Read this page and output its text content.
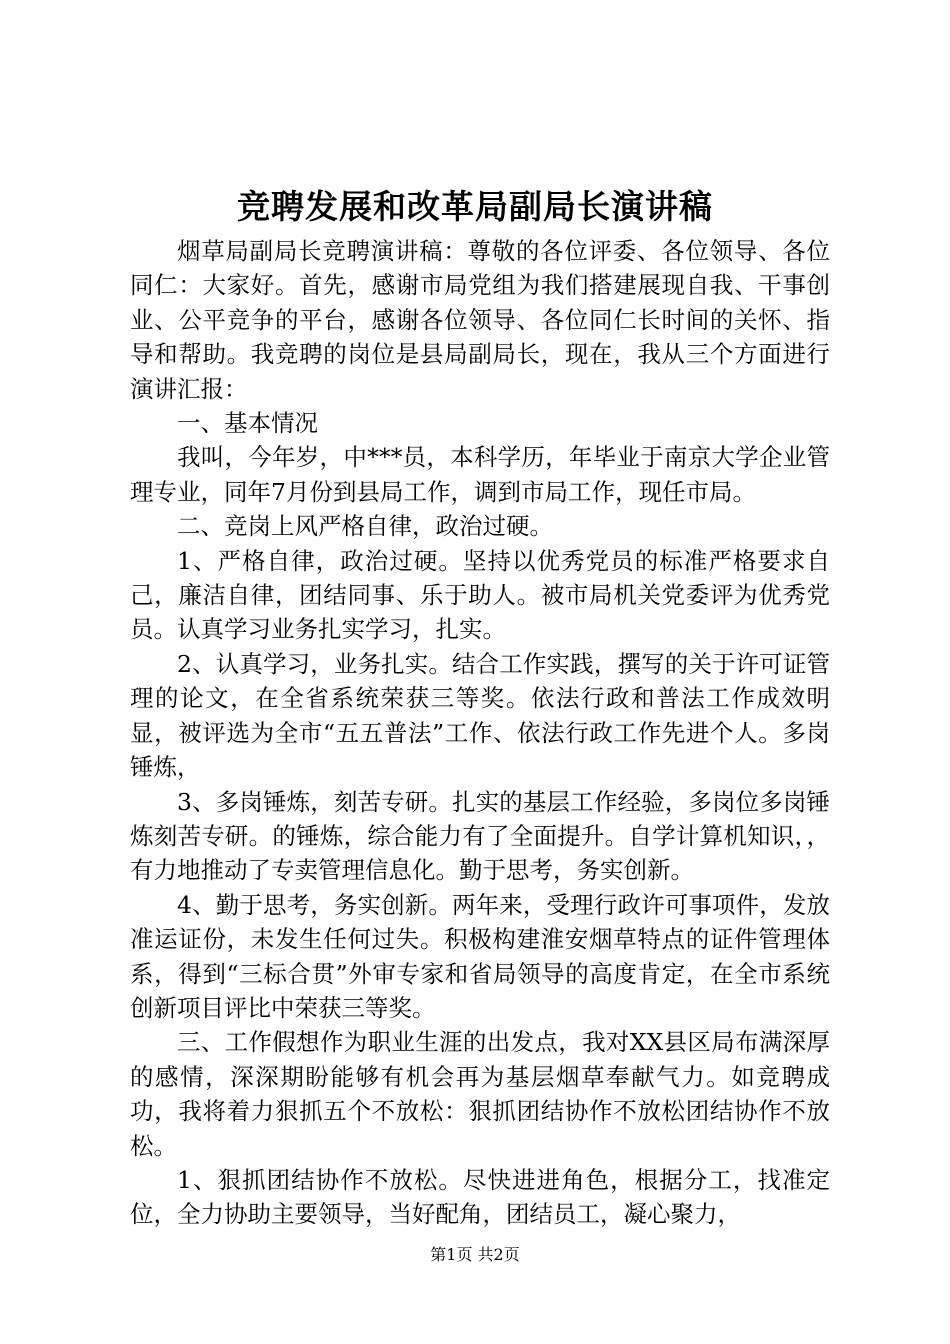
竞聘发展和改革局副局长演讲稿

烟草局副局长竞聘演讲稿：尊敬的各位评委、各位领导、各位同仁：大家好。首先，感谢市局党组为我们搭建展现自我、干事创业、公平竞争的平台，感谢各位领导、各位同仁长时间的关怀、指导和帮助。我竞聘的岗位是县局副局长，现在，我从三个方面进行演讲汇报：

一、基本情况

我叫，今年岁，中***员，本科学历，年毕业于南京大学企业管理专业，同年7月份到县局工作，调到市局工作，现任市局。

二、竞岗上风严格自律，政治过硬。

1、严格自律，政治过硬。坚持以优秀党员的标准严格要求自己，廉洁自律，团结同事、乐于助人。被市局机关党委评为优秀党员。认真学习业务扎实学习，扎实。

2、认真学习，业务扎实。结合工作实践，撰写的关于许可证管理的论文，在全省系统荣获三等奖。依法行政和普法工作成效明显，被评选为全市“五五普法”工作、依法行政工作先进个人。多岗锤炼，

3、多岗锤炼，刻苦专研。扎实的基层工作经验，多岗位多岗锤炼刻苦专研。的锤炼，综合能力有了全面提升。自学计算机知识，，有力地推动了专卖管理信息化。勤于思考，务实创新。

4、勤于思考，务实创新。两年来，受理行政许可事项件，发放准运证份，未发生任何过失。积极构建淮安烟草特点的证件管理体系，得到“三标合贯”外审专家和省局领导的高度肯定，在全市系统创新项目评比中荣获三等奖。

三、工作假想作为职业生涯的出发点，我对XX县区局布满深厚的感情，深深期盼能够有机会再为基层烟草奉献气力。如竞聘成功，我将着力狠抓五个不放松：狠抓团结协作不放松团结协作不放松。

1、狠抓团结协作不放松。尽快进进角色，根据分工，找准定位，全力协助主要领导，当好配角，团结员工，凝心聚力，

第1页 共2页
